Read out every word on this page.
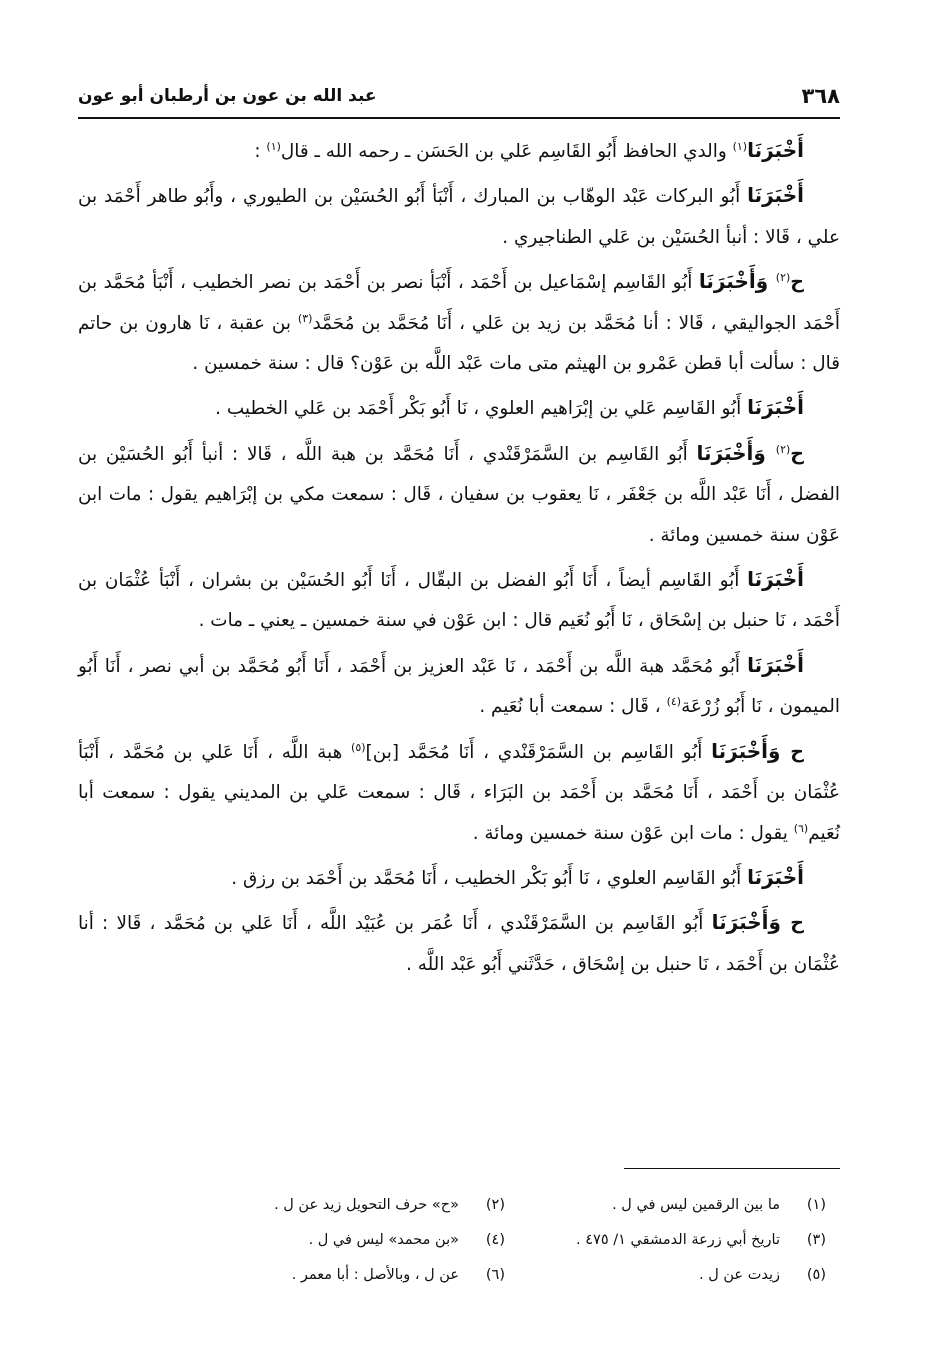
٣٦٨
عبد الله بن عون بن أرطبان أبو عون

أَخْبَرَنَا$^{(١)}$ والدي الحافظ أَبُو القَاسِم عَلي بن الحَسَن ـ رحمه الله ـ قال$^{(١)}$ :

أَخْبَرَنَا أَبُو البركات عَبْد الوهّاب بن المبارك ، أَنْبَأ أَبُو الحُسَيْن بن الطيوري ، وأَبُو طاهر أَحْمَد بن علي ، قَالا : أنبأ الحُسَيْن بن عَلي الطناجيري .

ح$^{(٢)}$ وَأَخْبَرَنَا أَبُو القَاسِم إسْمَاعيل بن أَحْمَد ، أَنْبَأ نصر بن أَحْمَد بن نصر الخطيب ، أَنْبَأ مُحَمَّد بن أَحْمَد الجواليقي ، قَالا : أنا مُحَمَّد بن زيد بن عَلي ، أَنَا مُحَمَّد بن مُحَمَّد$^{(٣)}$ بن عقبة ، نَا هارون بن حاتم قال : سألت أبا قطن عَمْرو بن الهيثم متى مات عَبْد اللَّه بن عَوْن؟ قال : سنة خمسين .

أَخْبَرَنَا أَبُو القَاسِم عَلي بن إبْرَاهيم العلوي ، نَا أَبُو بَكْر أَحْمَد بن عَلي الخطيب .

ح$^{(٢)}$ وَأَخْبَرَنَا أَبُو القَاسِم بن السَّمَرْقَنْدي ، أَنَا مُحَمَّد بن هبة اللَّه ، قَالا : أنبأ أَبُو الحُسَيْن بن الفضل ، أَنَا عَبْد اللَّه بن جَعْفَر ، نَا يعقوب بن سفيان ، قَال : سمعت مكي بن إبْرَاهيم يقول : مات ابن عَوْن سنة خمسين ومائة .

أَخْبَرَنَا أَبُو القَاسِم أيضاً ، أَنَا أَبُو الفضل بن البقّال ، أَنَا أَبُو الحُسَيْن بن بشران ، أَنْبَأ عُثْمَان بن أَحْمَد ، نَا حنبل بن إسْحَاق ، نَا أَبُو نُعَيم قال : ابن عَوْن في سنة خمسين ـ يعني ـ مات .

أَخْبَرَنَا أَبُو مُحَمَّد هبة اللَّه بن أَحْمَد ، نَا عَبْد العزيز بن أَحْمَد ، أَنَا أَبُو مُحَمَّد بن أبي نصر ، أَنَا أَبُو الميمون ، نَا أَبُو زُرْعَة$^{(٤)}$ ، قَال : سمعت أبا نُعَيم .

ح وَأَخْبَرَنَا أَبُو القَاسِم بن السَّمَرْقَنْدي ، أَنَا مُحَمَّد [بن]$^{(٥)}$ هبة اللَّه ، أَنَا عَلي بن مُحَمَّد ، أَنْبَأ عُثْمَان بن أَحْمَد ، أَنَا مُحَمَّد بن أَحْمَد بن البَرَاء ، قَال : سمعت عَلي بن المديني يقول : سمعت أبا نُعَيم$^{(٦)}$ يقول : مات ابن عَوْن سنة خمسين ومائة .

أَخْبَرَنَا أَبُو القَاسِم العلوي ، نَا أَبُو بَكْر الخطيب ، أَنَا مُحَمَّد بن أَحْمَد بن رزق .

ح وَأَخْبَرَنَا أَبُو القَاسِم بن السَّمَرْقَنْدي ، أَنَا عُمَر بن عُبَيْد اللَّه ، أَنَا عَلي بن مُحَمَّد ، قَالا : أنا عُثْمَان بن أَحْمَد ، نَا حنبل بن إسْحَاق ، حَدَّثَني أَبُو عَبْد اللَّه .

(١)
ما بين الرقمين ليس في ل .
(٢)
«ح» حرف التحويل زيد عن ل .
(٣)
تاريخ أبي زرعة الدمشقي ١/ ٤٧٥ .
(٤)
«بن محمد» ليس في ل .
(٥)
زيدت عن ل .
(٦)
عن ل ، وبالأصل : أبا معمر .
